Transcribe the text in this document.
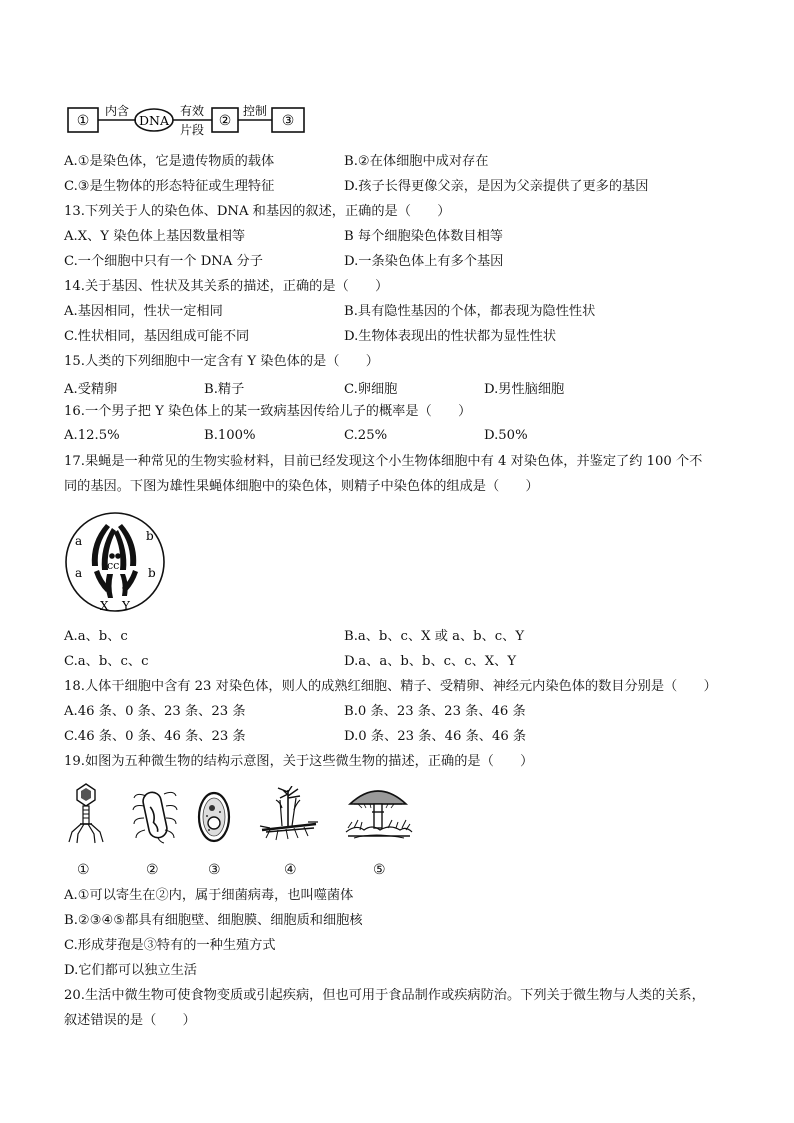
①
内含
DNA
有效
片段
②
控制
③
A.①是染色体，它是遗传物质的载体	B.②在体细胞中成对存在
C.③是生物体的形态特征或生理特征	D.孩子长得更像父亲，是因为父亲提供了更多的基因
13.下列关于人的染色体、DNA 和基因的叙述，正确的是（　　）
A.X、Y 染色体上基因数量相等	B 每个细胞染色体数目相等
C.一个细胞中只有一个 DNA 分子	D.一条染色体上有多个基因
14.关于基因、性状及其关系的描述，正确的是（　　）
A.基因相同，性状一定相同	B.具有隐性基因的个体，都表现为隐性性状
C.性状相同，基因组成可能不同	D.生物体表现出的性状都为显性性状
15.人类的下列细胞中一定含有 Y 染色体的是（　　）
A.受精卵	B.精子	C.卵细胞	D.男性脑细胞
16.一个男子把 Y 染色体上的某一致病基因传给儿子的概率是（　　）
A.12.5%	B.100%	C.25%	D.50%
17.果蝇是一种常见的生物实验材料，目前已经发现这个小生物体细胞中有 4 对染色体，并鉴定了约 100 个不
同的基因。下图为雄性果蝇体细胞中的染色体，则精子中染色体的组成是（　　）
a
a
b
b
cc
X Y
A.a、b、c	B.a、b、c、X 或 a、b、c、Y
C.a、b、c、c	D.a、a、b、b、c、c、X、Y
18.人体干细胞中含有 23 对染色体，则人的成熟红细胞、精子、受精卵、神经元内染色体的数目分别是（　　）
A.46 条、0 条、23 条、23 条	B.0 条、23 条、23 条、46 条
C.46 条、0 条、46 条、23 条	D.0 条、23 条、46 条、46 条
19.如图为五种微生物的结构示意图，关于这些微生物的描述，正确的是（　　）
①	②	③	④	⑤
A.①可以寄生在②内，属于细菌病毒，也叫噬菌体
B.②③④⑤都具有细胞壁、细胞膜、细胞质和细胞核
C.形成芽孢是③特有的一种生殖方式
D.它们都可以独立生活
20.生活中微生物可使食物变质或引起疾病，但也可用于食品制作或疾病防治。下列关于微生物与人类的关系，
叙述错误的是（　　）
